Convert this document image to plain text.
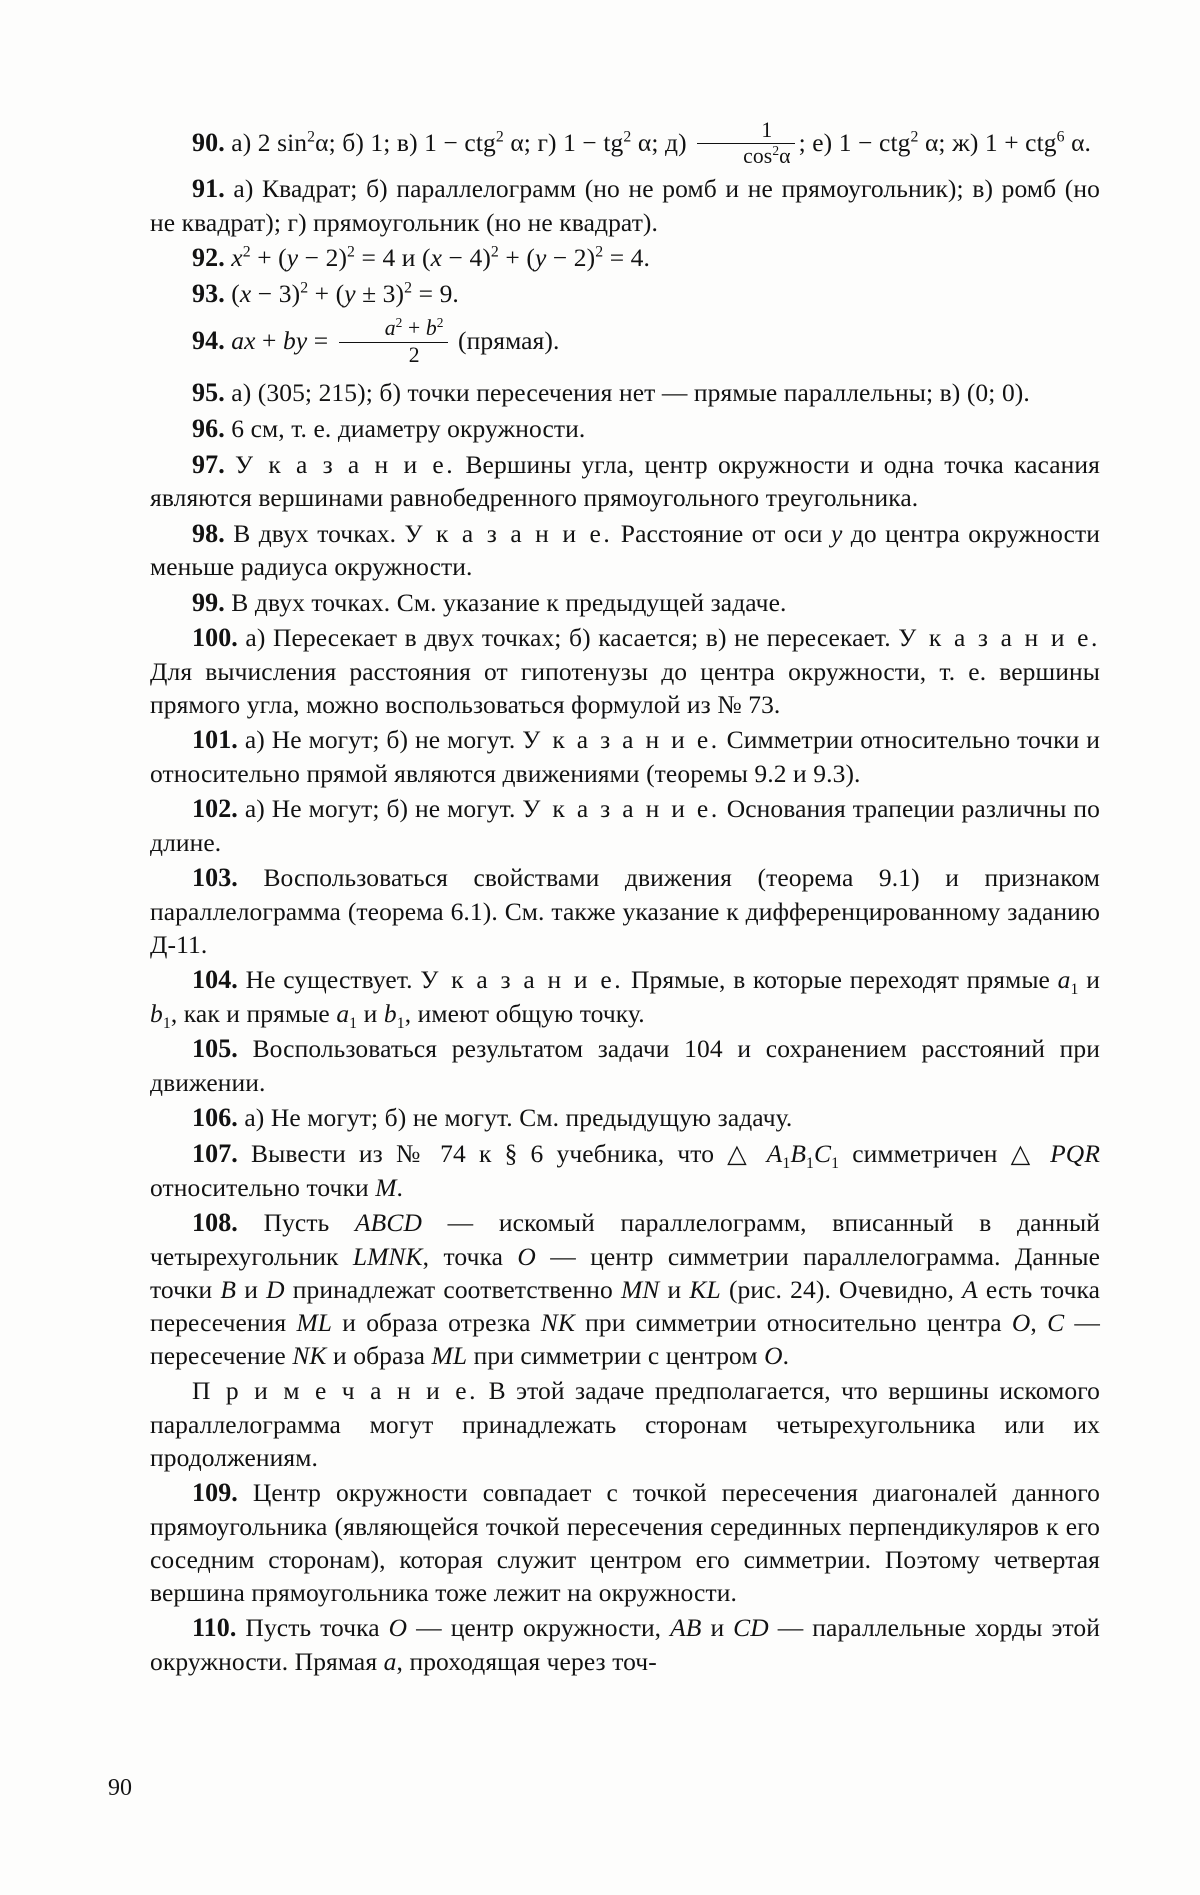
90. а) 2 $\sin^2\alpha$; б) 1; в) 1 − ctg$^2$ α; г) $1 - tg^2$ α; $д) \frac{1}{\cos^2\alpha}$ ; е) 1 − ctg$^2$ α; ж) 1 + ctg$^6$ α.

91. а) Квадрат; б) параллелограмм (но не ромб и не прямоугольник); в) ромб (но не квадрат); г) прямоугольник (но не квадрат).

92. $x^2 + (y - 2)^2 = 4$ и $(x - 4)^2 + (y - 2)^2 = 4$.

93. $(x - 3)^2 + (y \pm 3)^2 = 9$.

94. ax + by = $\frac{a^2 + b^2}{2}$ (прямая).

95. а) (305; 215); б) точки пересечения нет — прямые параллельны; в) (0; 0).

96. 6 см, т. е. диаметру окружности.

97. У к а з а н и е. Вершины угла, центр окружности и одна точка касания являются вершинами равнобедренного прямоугольного треугольника.

98. В двух точках. У к а з а н и е. Расстояние от оси y до центра окружности меньше радиуса окружности.

99. В двух точках. См. указание к предыдущей задаче.

100. а) Пересекает в двух точках; б) касается; в) не пересекает. У к а з а н и е. Для вычисления расстояния от гипотенузы до центра окружности, т. е. вершины прямого угла, можно воспользоваться формулой из № 73.

101. а) Не могут; б) не могут. У к а з а н и е. Симметрии относительно точки и относительно прямой являются движениями (теоремы 9.2 и 9.3).

102. а) Не могут; б) не могут. У к а з а н и е. Основания трапеции различны по длине.

103. Воспользоваться свойствами движения (теорема 9.1) и признаком параллелограмма (теорема 6.1). См. также указание к дифференцированному заданию Д-11.

104. Не существует. У к а з а н и е. Прямые, в которые переходят прямые $a_1$ и $b_1$, как и прямые $a_1$ и $b_1$, имеют общую точку.

105. Воспользоваться результатом задачи 104 и сохранением расстояний при движении.

106. а) Не могут; б) не могут. См. предыдущую задачу.

107. Вывести из № 74 к § 6 учебника, что △ $A_1B_1C_1$ симметричен △ PQR относительно точки M.

108. Пусть ABCD — искомый параллелограмм, вписанный в данный четырехугольник LMNK, точка O — центр симметрии параллелограмма. Данные точки B и D принадлежат соответственно MN и KL (рис. 24). Очевидно, A есть точка пересечения ML и образа отрезка NK при симметрии относительно центра O, C — пересечение NK и образа ML при симметрии с центром O.

П р и м е ч а н и е. В этой задаче предполагается, что вершины искомого параллелограмма могут принадлежать сторонам четырехугольника или их продолжениям.

109. Центр окружности совпадает с точкой пересечения диагоналей данного прямоугольника (являющейся точкой пересечения серединных перпендикуляров к его соседним сторонам), которая служит центром его симметрии. Поэтому четвертая вершина прямоугольника тоже лежит на окружности.

110. Пусть точка O — центр окружности, AB и CD — параллельные хорды этой окружности. Прямая a, проходящая через точ-

90
